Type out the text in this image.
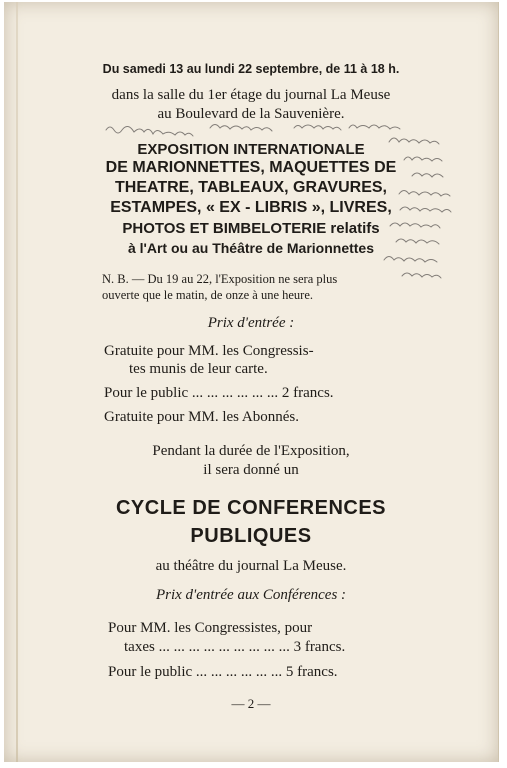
Du samedi 13 au lundi 22 septembre, de 11 à 18 h.
dans la salle du 1er étage du journal La Meuse
au Boulevard de la Sauvenière.
EXPOSITION INTERNATIONALE
DE MARIONNETTES, MAQUETTES DE
THEATRE, TABLEAUX, GRAVURES,
ESTAMPES, « EX - LIBRIS », LIVRES,
PHOTOS ET BIMBELOTERIE relatifs
à l'Art ou au Théâtre de Marionnettes
N. B. — Du 19 au 22, l'Exposition ne sera plus
ouverte que le matin, de onze à une heure.
Prix d'entrée :
Gratuite pour MM. les Congressis-
tes munis de leur carte.
Pour le public ... ... ... ... ... ... 2 francs.
Gratuite pour MM. les Abonnés.
Pendant la durée de l'Exposition,
il sera donné un
CYCLE DE CONFERENCES
PUBLIQUES
au théâtre du journal La Meuse.
Prix d'entrée aux Conférences :
Pour MM. les Congressistes, pour
taxes ... ... ... ... ... ... ... ... ... 3 francs.
Pour le public ... ... ... ... ... ... 5 francs.
— 2 —
